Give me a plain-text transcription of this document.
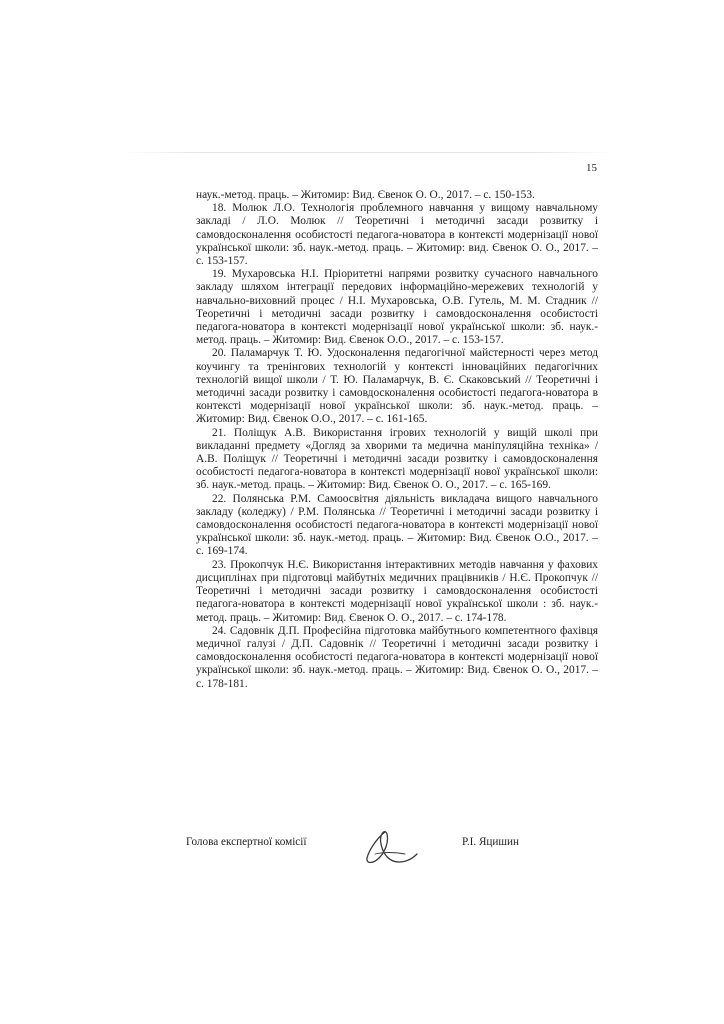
15

наук.-метод. праць. – Житомир: Вид. Євенок О. О., 2017. – с. 150-153.

18. Молюк Л.О. Технологія проблемного навчання у вищому навчальному закладі / Л.О. Молюк // Теоретичні і методичні засади розвитку і самовдосконалення особистості педагога-новатора в контексті модернізації нової української школи: зб. наук.-метод. праць. – Житомир: вид. Євенок О. О., 2017. – с. 153-157.

19. Мухаровська Н.І. Пріоритетні напрями розвитку сучасного навчального закладу шляхом інтеграції передових інформаційно-мережевих технологій у навчально-виховний процес / Н.І. Мухаровська, О.В. Гутель, М. М. Стадник // Теоретичні і методичні засади розвитку і самовдосконалення особистості педагога-новатора в контексті модернізації нової української школи: зб. наук.-метод. праць. – Житомир: Вид. Євенок О.О., 2017. – с. 153-157.

20. Паламарчук Т. Ю. Удосконалення педагогічної майстерності через метод коучингу та тренінгових технологій у контексті інноваційних педагогічних технологій вищої школи / Т. Ю. Паламарчук, В. Є. Скаковський // Теоретичні і методичні засади розвитку і самовдосконалення особистості педагога-новатора в контексті модернізації нової української школи: зб. наук.-метод. праць. – Житомир: Вид. Євенок О.О., 2017. – с. 161-165.

21. Поліщук А.В. Використання ігрових технологій у вищій школі при викладанні предмету «Догляд за хворими та медична маніпуляційна техніка» / А.В. Поліщук // Теоретичні і методичні засади розвитку і самовдосконалення особистості педагога-новатора в контексті модернізації нової української школи: зб. наук.-метод. праць. – Житомир: Вид. Євенок О. О., 2017. – с. 165-169.

22. Полянська Р.М. Самоосвітня діяльність викладача вищого навчального закладу (коледжу) / Р.М. Полянська // Теоретичні і методичні засади розвитку і самовдосконалення особистості педагога-новатора в контексті модернізації нової української школи: зб. наук.-метод. праць. – Житомир: Вид. Євенок О.О., 2017. – с. 169-174.

23. Прокопчук Н.Є. Використання інтерактивних методів навчання у фахових дисциплінах при підготовці майбутніх медичних працівників / Н.Є. Прокопчук // Теоретичні і методичні засади розвитку і самовдосконалення особистості педагога-новатора в контексті модернізації нової української школи : зб. наук.-метод. праць. – Житомир: Вид. Євенок О. О., 2017. – с. 174-178.

24. Садовнік Д.П. Професійна підготовка майбутнього компетентного фахівця медичної галузі / Д.П. Садовнік // Теоретичні і методичні засади розвитку і самовдосконалення особистості педагога-новатора в контексті модернізації нової української школи: зб. наук.-метод. праць. – Житомир: Вид. Євенок О. О., 2017. – с. 178-181.

Голова експертної комісії	Р.І. Яцишин
